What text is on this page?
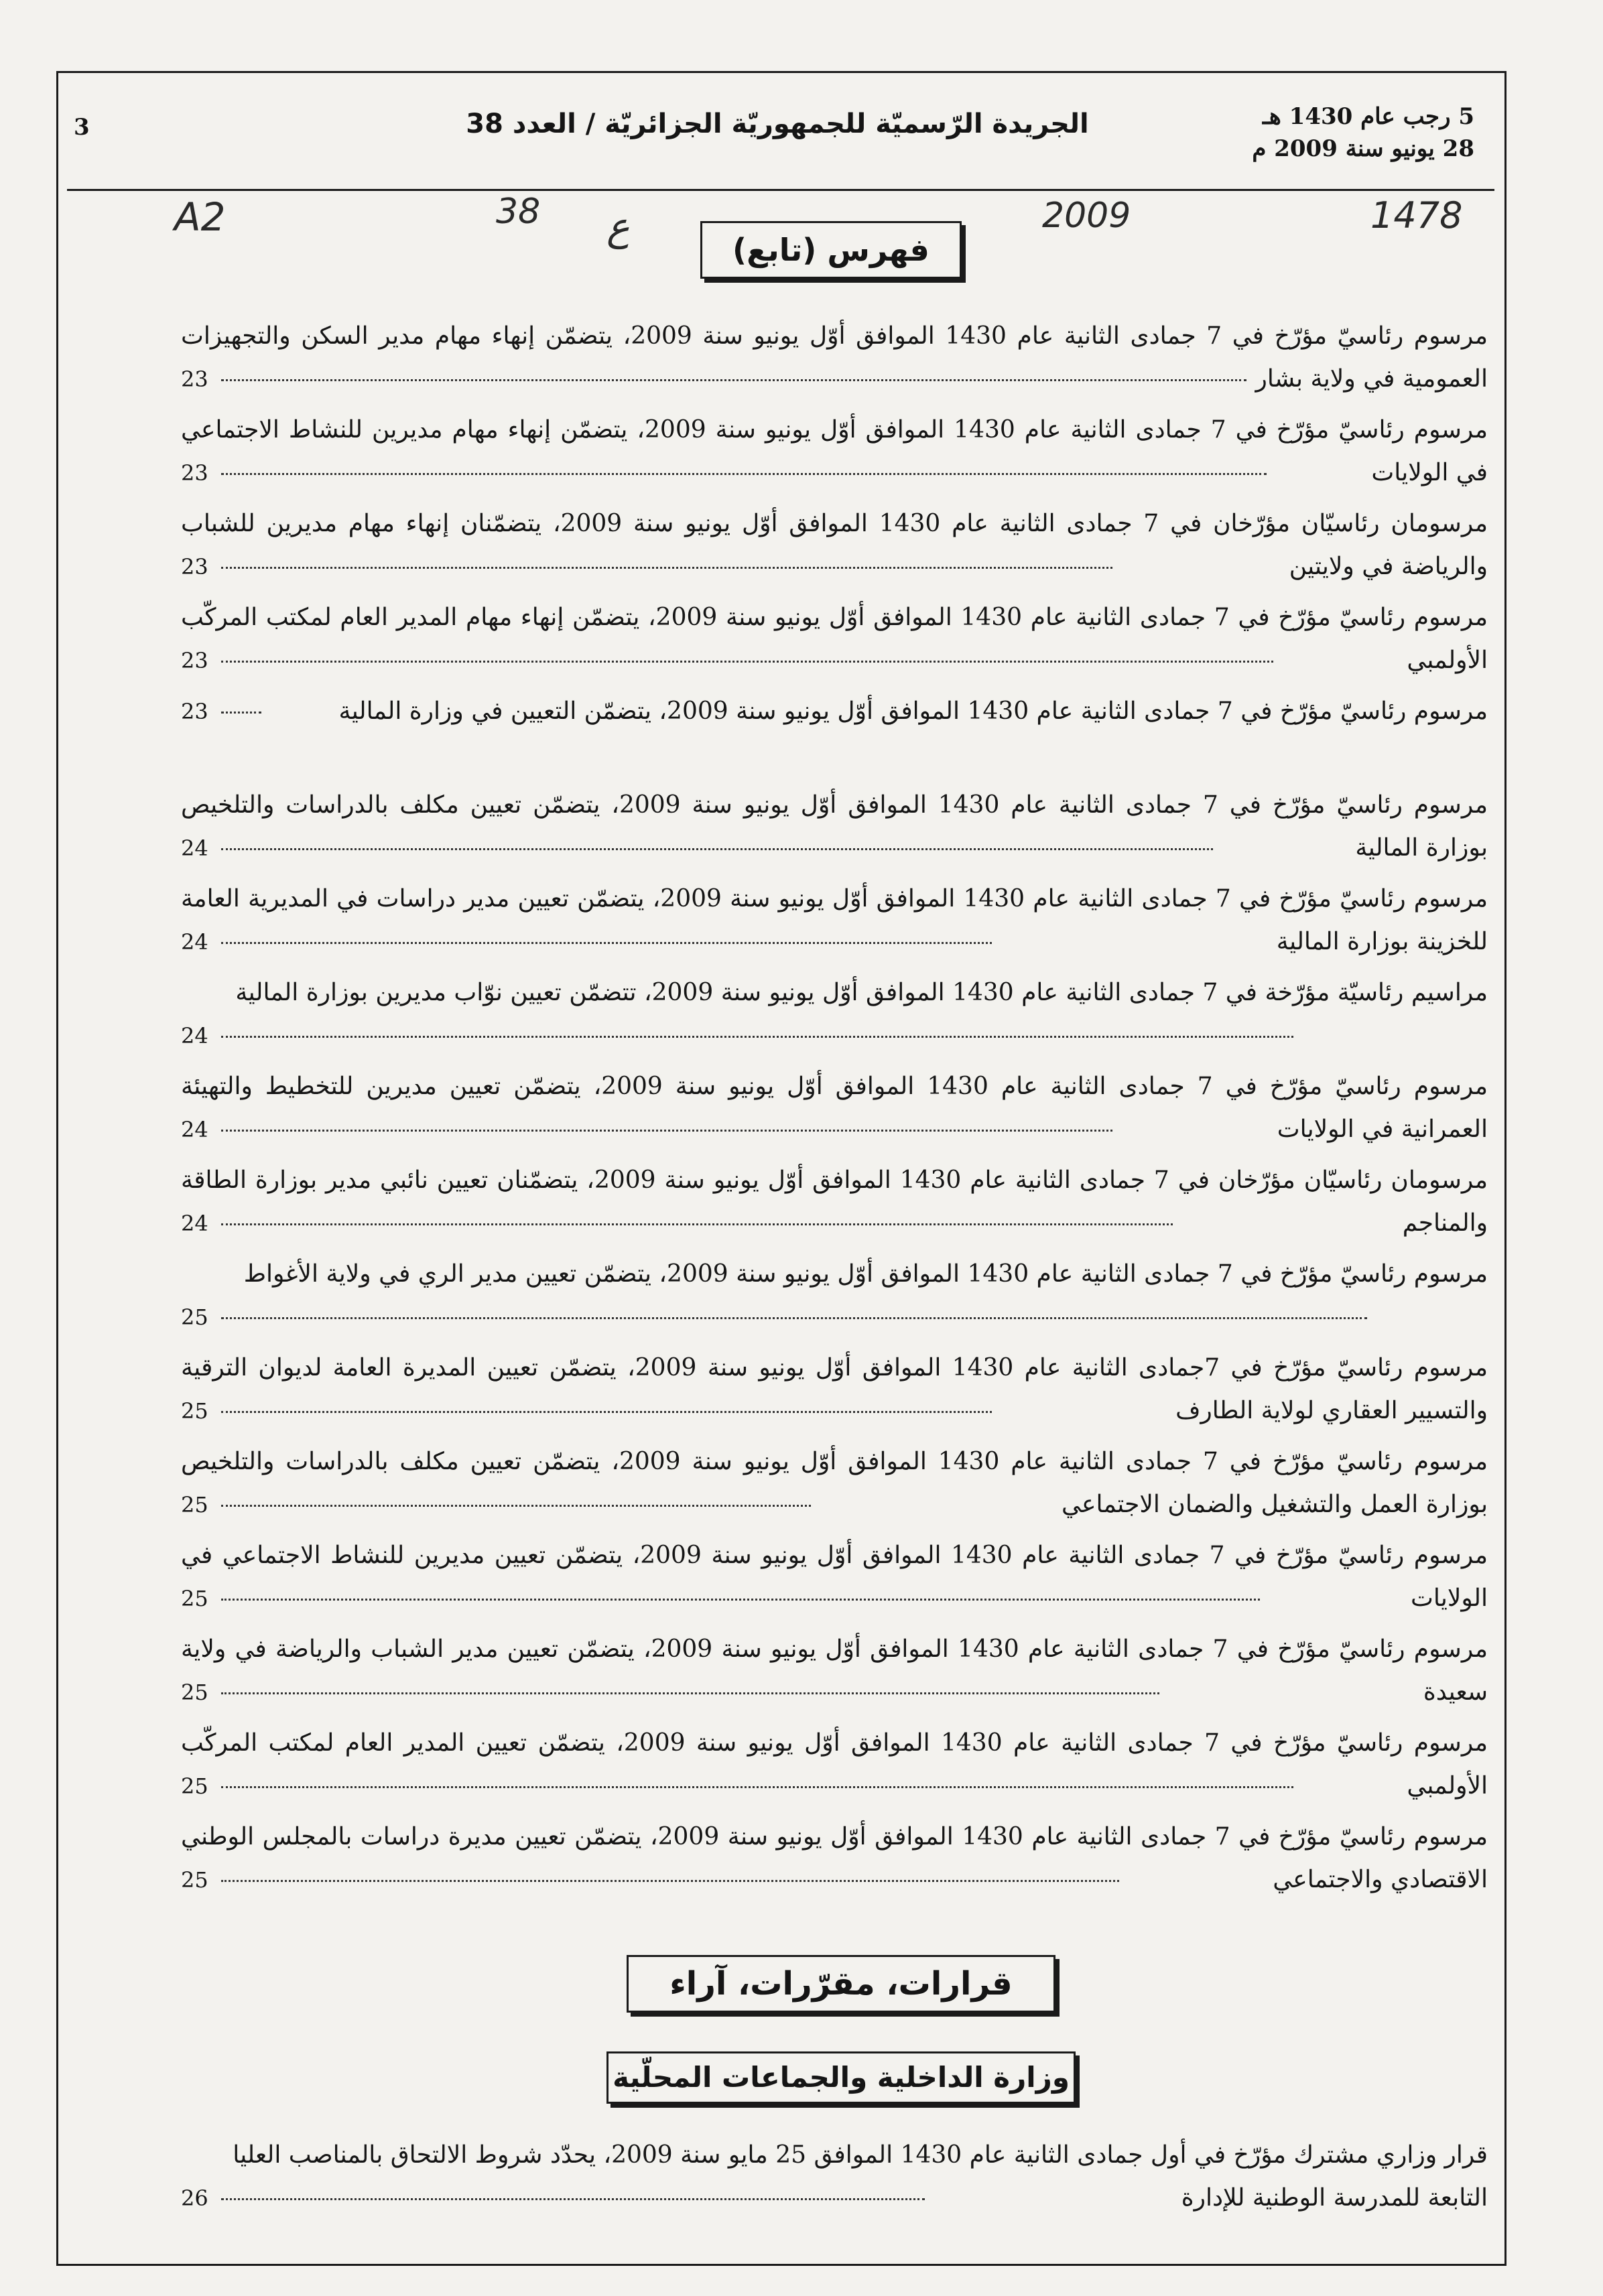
5 رجب عام 1430 هـ
28 يونيو سنة 2009 م
الجريدة الرّسميّة للجمهوريّة الجزائريّة / العدد 38
3
A2	38 ع	2009	1478
فهرس (تابع)
مرسوم رئاسيّ مؤرّخ في 7 جمادى الثانية عام 1430 الموافق أوّل يونيو سنة 2009، يتضمّن إنهاء مهام مدير السكن والتجهيزات العمومية في ولاية بشار
23
مرسوم رئاسيّ مؤرّخ في 7 جمادى الثانية عام 1430 الموافق أوّل يونيو سنة 2009، يتضمّن إنهاء مهام مديرين للنشاط الاجتماعي في الولايات
23
مرسومان رئاسيّان مؤرّخان في 7 جمادى الثانية عام 1430 الموافق أوّل يونيو سنة 2009، يتضمّنان إنهاء مهام مديرين للشباب والرياضة في ولايتين
23
مرسوم رئاسيّ مؤرّخ في 7 جمادى الثانية عام 1430 الموافق أوّل يونيو سنة 2009، يتضمّن إنهاء مهام المدير العام لمكتب المركّب الأولمبي
23
مرسوم رئاسيّ مؤرّخ في 7 جمادى الثانية عام 1430 الموافق أوّل يونيو سنة 2009، يتضمّن التعيين في وزارة المالية
23
مرسوم رئاسيّ مؤرّخ في 7 جمادى الثانية عام 1430 الموافق أوّل يونيو سنة 2009، يتضمّن تعيين مكلف بالدراسات والتلخيص بوزارة المالية
24
مرسوم رئاسيّ مؤرّخ في 7 جمادى الثانية عام 1430 الموافق أوّل يونيو سنة 2009، يتضمّن تعيين مدير دراسات في المديرية العامة للخزينة بوزارة المالية
24
مراسيم رئاسيّة مؤرّخة في 7 جمادى الثانية عام 1430 الموافق أوّل يونيو سنة 2009، تتضمّن تعيين نوّاب مديرين بوزارة المالية
24
مرسوم رئاسيّ مؤرّخ في 7 جمادى الثانية عام 1430 الموافق أوّل يونيو سنة 2009، يتضمّن تعيين مديرين للتخطيط والتهيئة العمرانية في الولايات
24
مرسومان رئاسيّان مؤرّخان في 7 جمادى الثانية عام 1430 الموافق أوّل يونيو سنة 2009، يتضمّنان تعيين نائبي مدير بوزارة الطاقة والمناجم
24
مرسوم رئاسيّ مؤرّخ في 7 جمادى الثانية عام 1430 الموافق أوّل يونيو سنة 2009، يتضمّن تعيين مدير الري في ولاية الأغواط
25
مرسوم رئاسيّ مؤرّخ في 7جمادى الثانية عام 1430 الموافق أوّل يونيو سنة 2009، يتضمّن تعيين المديرة العامة لديوان الترقية والتسيير العقاري لولاية الطارف
25
مرسوم رئاسيّ مؤرّخ في 7 جمادى الثانية عام 1430 الموافق أوّل يونيو سنة 2009، يتضمّن تعيين مكلف بالدراسات والتلخيص بوزارة العمل والتشغيل والضمان الاجتماعي
25
مرسوم رئاسيّ مؤرّخ في 7 جمادى الثانية عام 1430 الموافق أوّل يونيو سنة 2009، يتضمّن تعيين مديرين للنشاط الاجتماعي في الولايات
25
مرسوم رئاسيّ مؤرّخ في 7 جمادى الثانية عام 1430 الموافق أوّل يونيو سنة 2009، يتضمّن تعيين مدير الشباب والرياضة في ولاية سعيدة
25
مرسوم رئاسيّ مؤرّخ في 7 جمادى الثانية عام 1430 الموافق أوّل يونيو سنة 2009، يتضمّن تعيين المدير العام لمكتب المركّب الأولمبي
25
مرسوم رئاسيّ مؤرّخ في 7 جمادى الثانية عام 1430 الموافق أوّل يونيو سنة 2009، يتضمّن تعيين مديرة دراسات بالمجلس الوطني الاقتصادي والاجتماعي
25
قرارات، مقرّرات، آراء
وزارة الداخلية والجماعات المحلّية
قرار وزاري مشترك مؤرّخ في أول جمادى الثانية عام 1430 الموافق 25 مايو سنة 2009، يحدّد شروط الالتحاق بالمناصب العليا التابعة للمدرسة الوطنية للإدارة
26
